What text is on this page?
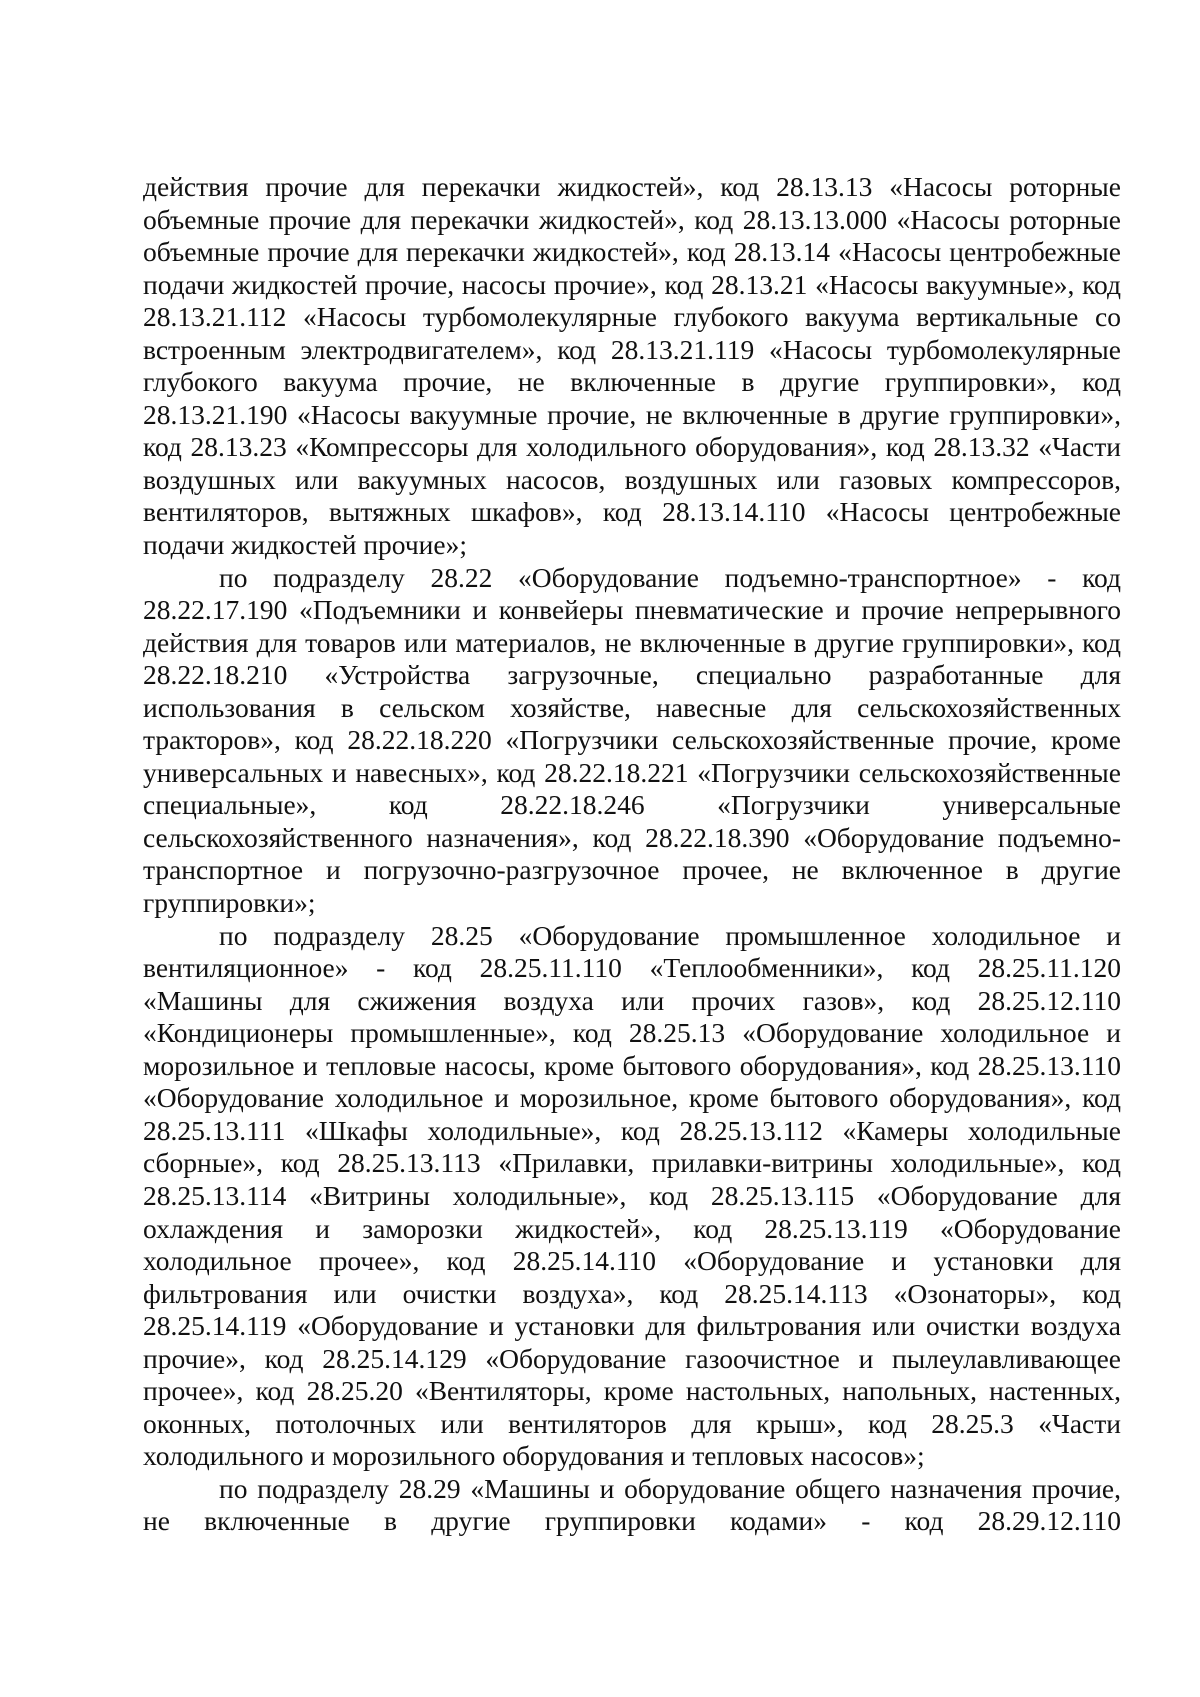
действия прочие для перекачки жидкостей», код 28.13.13 «Насосы роторные объемные прочие для перекачки жидкостей», код 28.13.13.000 «Насосы роторные объемные прочие для перекачки жидкостей», код 28.13.14 «Насосы центробежные подачи жидкостей прочие, насосы прочие», код 28.13.21 «Насосы вакуумные», код 28.13.21.112 «Насосы турбомолекулярные глубокого вакуума вертикальные со встроенным электродвигателем», код 28.13.21.119 «Насосы турбомолекулярные глубокого вакуума прочие, не включенные в другие группировки», код 28.13.21.190 «Насосы вакуумные прочие, не включенные в другие группировки», код 28.13.23 «Компрессоры для холодильного оборудования», код 28.13.32 «Части воздушных или вакуумных насосов, воздушных или газовых компрессоров, вентиляторов, вытяжных шкафов», код 28.13.14.110 «Насосы центробежные подачи жидкостей прочие»;

по подразделу 28.22 «Оборудование подъемно-транспортное» - код 28.22.17.190 «Подъемники и конвейеры пневматические и прочие непрерывного действия для товаров или материалов, не включенные в другие группировки», код 28.22.18.210 «Устройства загрузочные, специально разработанные для использования в сельском хозяйстве, навесные для сельскохозяйственных тракторов», код 28.22.18.220 «Погрузчики сельскохозяйственные прочие, кроме универсальных и навесных», код 28.22.18.221 «Погрузчики сельскохозяйственные специальные», код 28.22.18.246 «Погрузчики универсальные сельскохозяйственного назначения», код 28.22.18.390 «Оборудование подъемно-транспортное и погрузочно-разгрузочное прочее, не включенное в другие группировки»;

по подразделу 28.25 «Оборудование промышленное холодильное и вентиляционное» - код 28.25.11.110 «Теплообменники», код 28.25.11.120 «Машины для сжижения воздуха или прочих газов», код 28.25.12.110 «Кондиционеры промышленные», код 28.25.13 «Оборудование холодильное и морозильное и тепловые насосы, кроме бытового оборудования», код 28.25.13.110 «Оборудование холодильное и морозильное, кроме бытового оборудования», код 28.25.13.111 «Шкафы холодильные», код 28.25.13.112 «Камеры холодильные сборные», код 28.25.13.113 «Прилавки, прилавки-витрины холодильные», код 28.25.13.114 «Витрины холодильные», код 28.25.13.115 «Оборудование для охлаждения и заморозки жидкостей», код 28.25.13.119 «Оборудование холодильное прочее», код 28.25.14.110 «Оборудование и установки для фильтрования или очистки воздуха», код 28.25.14.113 «Озонаторы», код 28.25.14.119 «Оборудование и установки для фильтрования или очистки воздуха прочие», код 28.25.14.129 «Оборудование газоочистное и пылеулавливающее прочее», код 28.25.20 «Вентиляторы, кроме настольных, напольных, настенных, оконных, потолочных или вентиляторов для крыш», код 28.25.3 «Части холодильного и морозильного оборудования и тепловых насосов»;

по подразделу 28.29 «Машины и оборудование общего назначения прочие, не включенные в другие группировки кодами» - код 28.29.12.110
